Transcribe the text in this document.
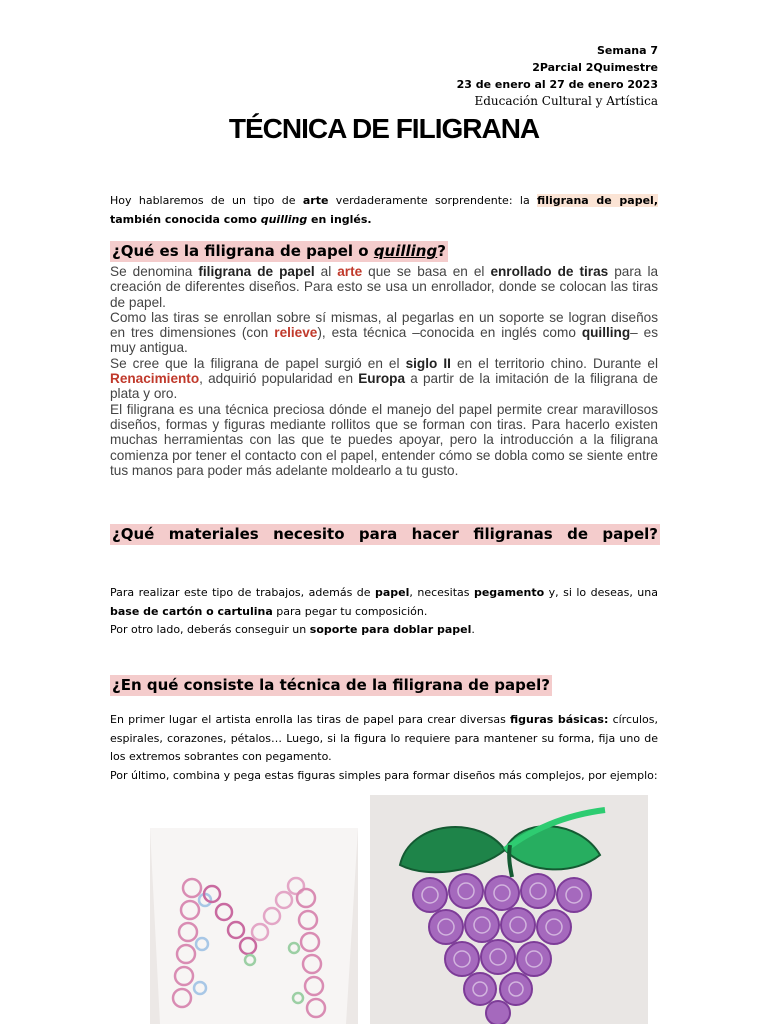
Semana 7
2Parcial 2Quimestre
23 de enero al 27 de enero 2023
Educación Cultural y Artística
TÉCNICA DE FILIGRANA
Hoy hablaremos de un tipo de arte verdaderamente sorprendente: la filigrana de papel, también conocida como quilling en inglés.
¿Qué es la filigrana de papel o quilling?
Se denomina filigrana de papel al arte que se basa en el enrollado de tiras para la creación de diferentes diseños. Para esto se usa un enrollador, donde se colocan las tiras de papel.
Como las tiras se enrollan sobre sí mismas, al pegarlas en un soporte se logran diseños en tres dimensiones (con relieve), esta técnica –conocida en inglés como quilling– es muy antigua.
Se cree que la filigrana de papel surgió en el siglo II en el territorio chino. Durante el Renacimiento, adquirió popularidad en Europa a partir de la imitación de la filigrana de plata y oro.
El filigrana es una técnica preciosa dónde el manejo del papel permite crear maravillosos diseños, formas y figuras mediante rollitos que se forman con tiras. Para hacerlo existen muchas herramientas con las que te puedes apoyar, pero la introducción a la filigrana comienza por tener el contacto con el papel, entender cómo se dobla como se siente entre tus manos para poder más adelante moldearlo a tu gusto.
¿Qué materiales necesito para hacer filigranas de papel?
Para realizar este tipo de trabajos, además de papel, necesitas pegamento y, si lo deseas, una base de cartón o cartulina para pegar tu composición.
Por otro lado, deberás conseguir un soporte para doblar papel.
¿En qué consiste la técnica de la filigrana de papel?
En primer lugar el artista enrolla las tiras de papel para crear diversas figuras básicas: círculos, espirales, corazones, pétalos… Luego, si la figura lo requiere para mantener su forma, fija uno de los extremos sobrantes con pegamento.
Por último, combina y pega estas figuras simples para formar diseños más complejos, por ejemplo:
